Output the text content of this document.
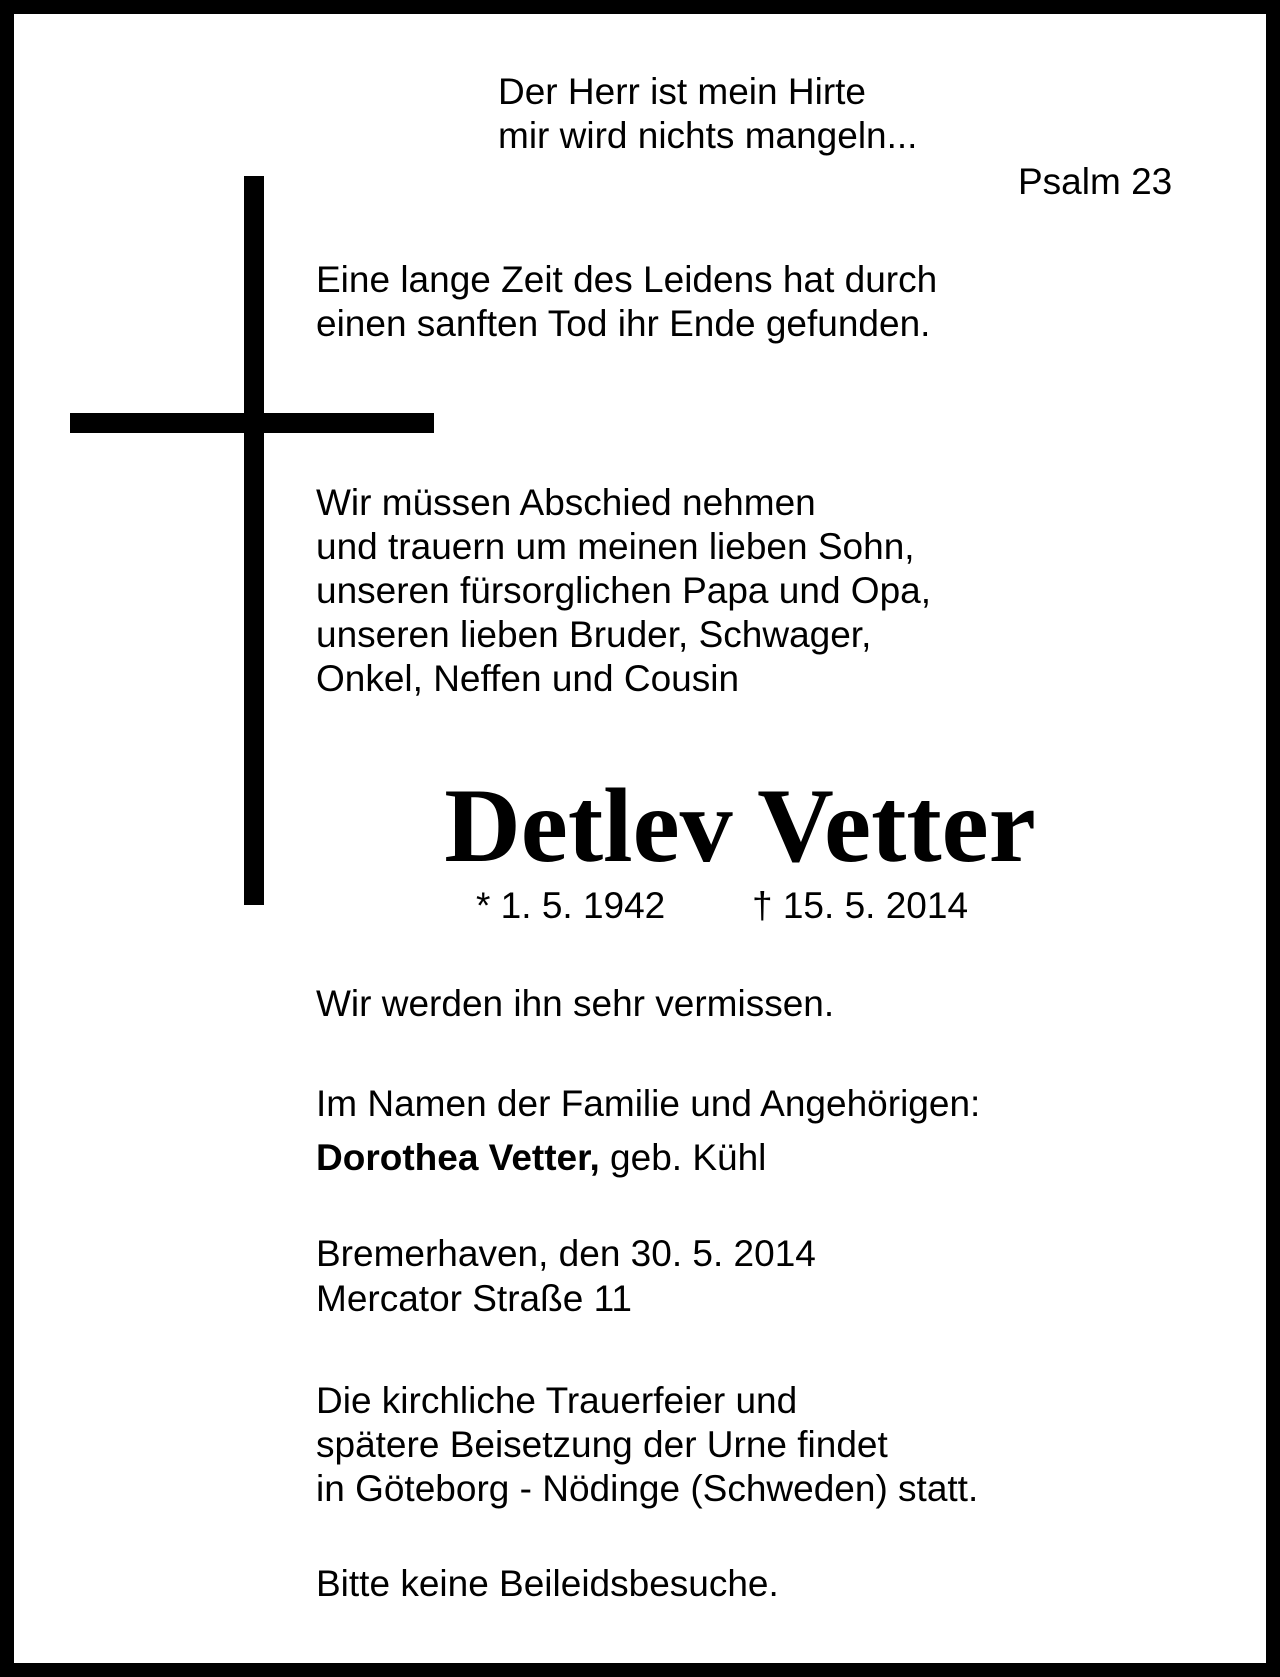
Der Herr ist mein Hirte
mir wird nichts mangeln...
Psalm 23
Eine lange Zeit des Leidens hat durch
einen sanften Tod ihr Ende gefunden.
Wir müssen Abschied nehmen
und trauern um meinen lieben Sohn,
unseren fürsorglichen Papa und Opa,
unseren lieben Bruder, Schwager,
Onkel, Neffen und Cousin
Detlev Vetter
* 1. 5. 1942 † 15. 5. 2014
Wir werden ihn sehr vermissen.
Im Namen der Familie und Angehörigen:
Dorothea Vetter, geb. Kühl
Bremerhaven, den 30. 5. 2014
Mercator Straße 11
Die kirchliche Trauerfeier und
spätere Beisetzung der Urne findet
in Göteborg - Nödinge (Schweden) statt.
Bitte keine Beileidsbesuche.
